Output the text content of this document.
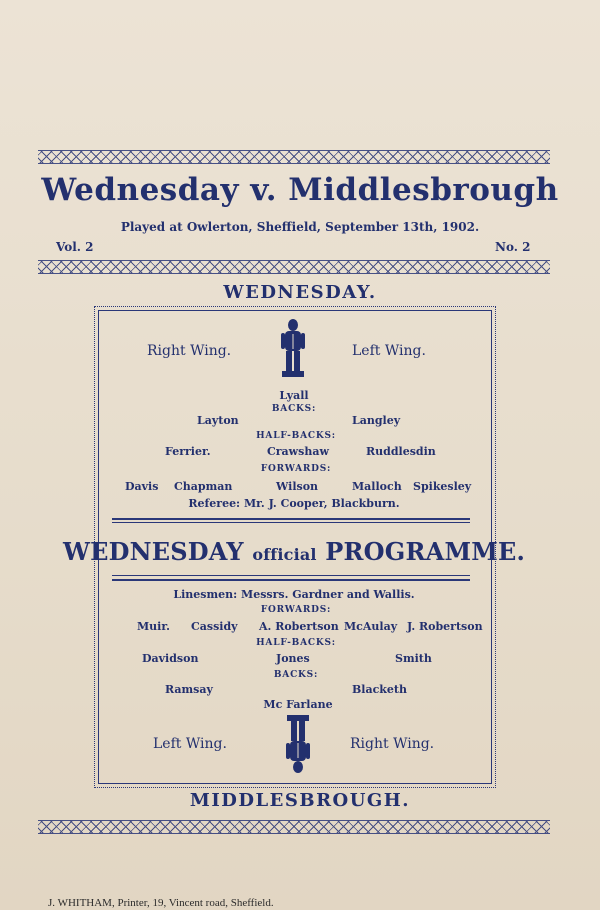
Wednesday v. Middlesbrough
Played at Owlerton, Sheffield, September 13th, 1902.
Vol. 2	No. 2
WEDNESDAY.
Right Wing.	Left Wing.
Lyall
BACKS:
Layton	Langley
HALF-BACKS:
Ferrier.	Crawshaw	Ruddlesdin
FORWARDS:
Davis Chapman	Wilson	Malloch Spikesley
Referee: Mr. J. Cooper, Blackburn.
WEDNESDAY official PROGRAMME.
Linesmen: Messrs. Gardner and Wallis.
FORWARDS:
Muir. Cassidy A. Robertson McAulay J. Robertson
HALF-BACKS:
Davidson	Jones	Smith
BACKS:
Ramsay	Blacketh
Mc Farlane
Left Wing.	Right Wing.
MIDDLESBROUGH.
J. WHITHAM, Printer, 19, Vincent road, Sheffield.
